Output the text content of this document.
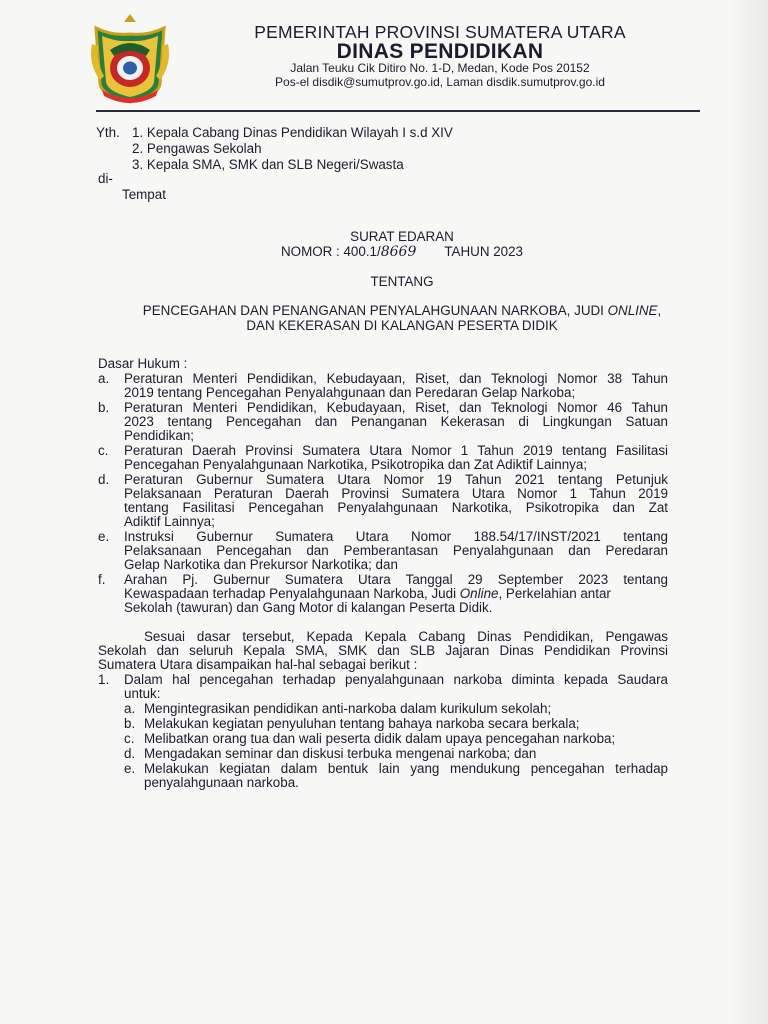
PEMERINTAH PROVINSI SUMATERA UTARA
DINAS PENDIDIKAN
Jalan Teuku Cik Ditiro No. 1-D, Medan, Kode Pos 20152
Pos-el disdik@sumutprov.go.id, Laman disdik.sumutprov.go.id
Yth. 1. Kepala Cabang Dinas Pendidikan Wilayah I s.d XIV
2. Pengawas Sekolah
3. Kepala SMA, SMK dan SLB Negeri/Swasta
di-
Tempat
SURAT EDARAN
NOMOR : 400.1/8669 TAHUN 2023
TENTANG
PENCEGAHAN DAN PENANGANAN PENYALAHGUNAAN NARKOBA, JUDI ONLINE,
DAN KEKERASAN DI KALANGAN PESERTA DIDIK
Dasar Hukum :
a. Peraturan Menteri Pendidikan, Kebudayaan, Riset, dan Teknologi Nomor 38 Tahun
2019 tentang Pencegahan Penyalahgunaan dan Peredaran Gelap Narkoba;
b. Peraturan Menteri Pendidikan, Kebudayaan, Riset, dan Teknologi Nomor 46 Tahun
2023 tentang Pencegahan dan Penanganan Kekerasan di Lingkungan Satuan
Pendidikan;
c. Peraturan Daerah Provinsi Sumatera Utara Nomor 1 Tahun 2019 tentang Fasilitasi
Pencegahan Penyalahgunaan Narkotika, Psikotropika dan Zat Adiktif Lainnya;
d. Peraturan Gubernur Sumatera Utara Nomor 19 Tahun 2021 tentang Petunjuk
Pelaksanaan Peraturan Daerah Provinsi Sumatera Utara Nomor 1 Tahun 2019
tentang Fasilitasi Pencegahan Penyalahgunaan Narkotika, Psikotropika dan Zat
Adiktif Lainnya;
e. Instruksi Gubernur Sumatera Utara Nomor 188.54/17/INST/2021 tentang
Pelaksanaan Pencegahan dan Pemberantasan Penyalahgunaan dan Peredaran
Gelap Narkotika dan Prekursor Narkotika; dan
f. Arahan Pj. Gubernur Sumatera Utara Tanggal 29 September 2023 tentang
Kewaspadaan terhadap Penyalahgunaan Narkoba, Judi Online, Perkelahian antar
Sekolah (tawuran) dan Gang Motor di kalangan Peserta Didik.
Sesuai dasar tersebut, Kepada Kepala Cabang Dinas Pendidikan, Pengawas
Sekolah dan seluruh Kepala SMA, SMK dan SLB Jajaran Dinas Pendidikan Provinsi
Sumatera Utara disampaikan hal-hal sebagai berikut :
1. Dalam hal pencegahan terhadap penyalahgunaan narkoba diminta kepada Saudara
untuk:
a. Mengintegrasikan pendidikan anti-narkoba dalam kurikulum sekolah;
b. Melakukan kegiatan penyuluhan tentang bahaya narkoba secara berkala;
c. Melibatkan orang tua dan wali peserta didik dalam upaya pencegahan narkoba;
d. Mengadakan seminar dan diskusi terbuka mengenai narkoba; dan
e. Melakukan kegiatan dalam bentuk lain yang mendukung pencegahan terhadap
penyalahgunaan narkoba.
